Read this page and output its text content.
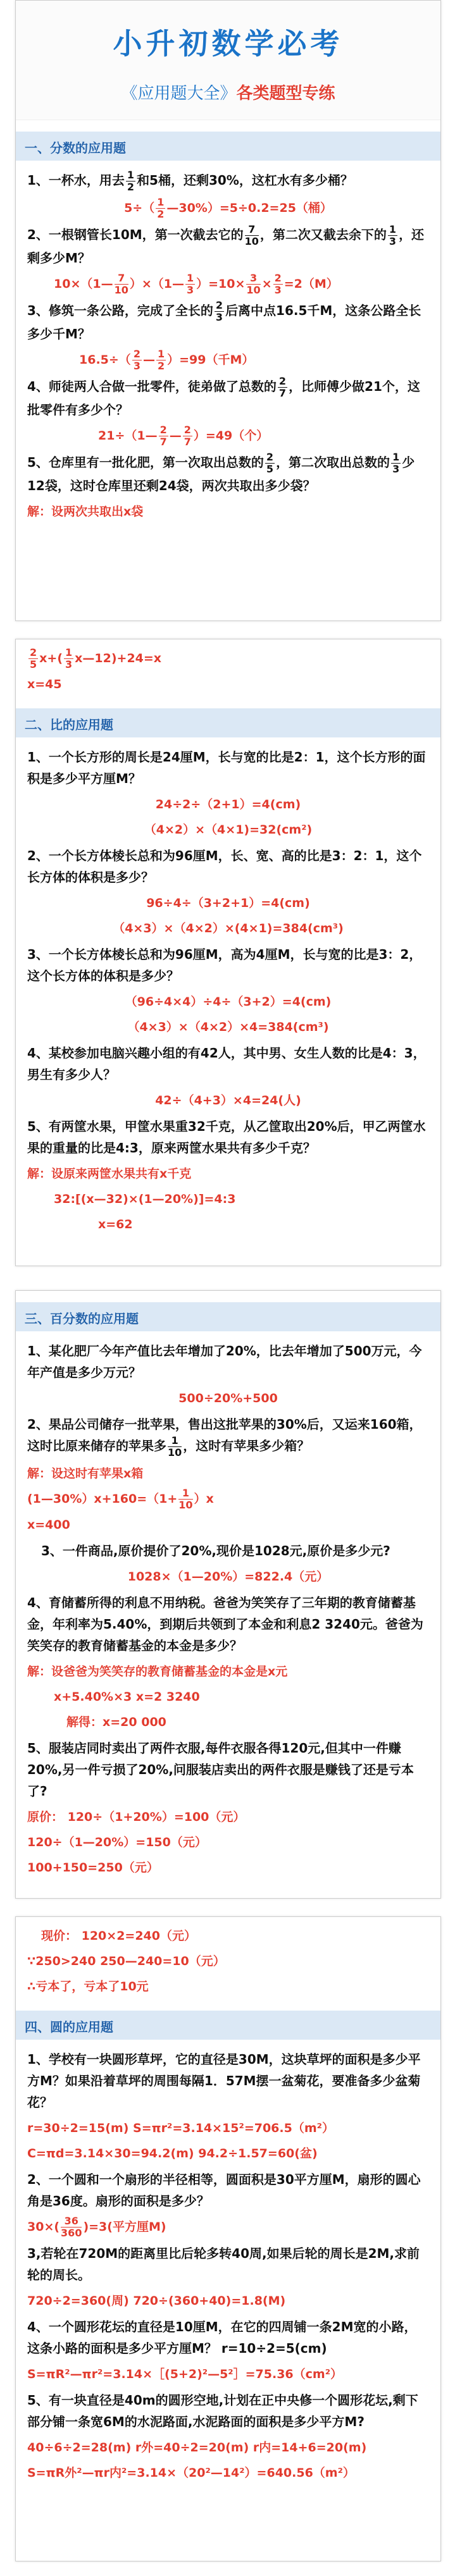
小升初数学必考
《应用题大全》各类题型专练
一、分数的应用题
1、一杯水，用去 $\frac{1}{2}$ 和5桶，还剩30%，这杠水有多少桶？
$5\div( \frac{1}{2}$ —30%）=5÷0.2=25（桶）
2、一根钢管长10M，第一次截去它的 $\frac{7}{10}$ ，第二次又截去余下的 $\frac{1}{3}$ ，还剩多少M？
10×（1— $\frac{7}{10}$ ）×（1— $\frac{1}{3} )=10\times \frac{3}{10} \times \frac{2}{3} =2(M)$
3、修筑一条公路，完成了全长的 $\frac{2}{3}$ 后离中点16.5千M，这条公路全长多少千M？
$16.5\div( \frac{2}{3}$ — $\frac{1}{2} )=99$（千M）
4、师徒两人合做一批零件，徒弟做了总数的 $\frac{2}{7}$ ，比师傅少做21个，这批零件有多少个？
21÷（1— $\frac{2}{7}$ — $\frac{2}{7} )=49$（个）
5、仓库里有一批化肥，第一次取出总数的 $\frac{2}{5}$ ，第二次取出总数的 $\frac{1}{3}$ 少12袋，这时仓库里还剩24袋，两次共取出多少袋？
解：设两次共取出x袋
$\frac{2}{5} x+( \frac{1}{3}$ x—12)+24=x
x=45
二、比的应用题
1、一个长方形的周长是24厘M，长与宽的比是2：1，这个长方形的面积是多少平方厘M？
24÷2÷（2+1）=4(cm)
（4×2）×（4×1)=32(cm²)
2、一个长方体棱长总和为96厘M，长、宽、高的比是3：2：1，这个长方体的体积是多少？
96÷4÷（3+2+1）=4(cm)
（4×3）×（4×2）×(4×1)=384(cm³)
3、一个长方体棱长总和为96厘M，高为4厘M，长与宽的比是3：2，这个长方体的体积是多少？
（96÷4×4）÷4÷（3+2）=4(cm)
（4×3）×（4×2）×4=384(cm³)
4、某校参加电脑兴趣小组的有42人，其中男、女生人数的比是4：3，男生有多少人？
42÷（4+3）×4=24(人)
5、有两筐水果，甲筐水果重32千克，从乙筐取出20%后，甲乙两筐水果的重量的比是4:3，原来两筐水果共有多少千克？
解：设原来两筐水果共有x千克
32:[(x—32)×(1—20%)]=4:3
x=62
三、百分数的应用题
1、某化肥厂今年产值比去年增加了20%，比去年增加了500万元，今年产值是多少万元？
500÷20%+500
2、果品公司储存一批苹果，售出这批苹果的30%后，又运来160箱，这时比原来储存的苹果多 $\frac{1}{10}$ ，这时有苹果多少箱？
解：设这时有苹果x箱
(1—30%）x+160=（1+ $\frac{1}{10} )x$
x=400
3、一件商品,原价提价了20%,现价是1028元,原价是多少元?
1028×（1—20%）=822.4（元）
4、育储蓄所得的利息不用纳税。爸爸为笑笑存了三年期的教育储蓄基金，年利率为5.40%，到期后共领到了本金和利息2 3240元。爸爸为笑笑存的教育储蓄基金的本金是多少？
解：设爸爸为笑笑存的教育储蓄基金的本金是x元
x+5.40%×3 x=2 3240
解得：x=20 000
5、服装店同时卖出了两件衣服,每件衣服各得120元,但其中一件赚20%,另一件亏损了20%,问服装店卖出的两件衣服是赚钱了还是亏本了?
原价： 120÷（1+20%）=100（元）
120÷（1—20%）=150（元）
100+150=250（元）
现价： 120×2=240（元）
∵250>240 250—240=10（元）
∴亏本了，亏本了10元
四、圆的应用题
1、学校有一块圆形草坪，它的直径是30M，这块草坪的面积是多少平方M？如果沿着草坪的周围每隔1．57M摆一盆菊花，要准备多少盆菊花？
r=30÷2=15(m) S=πr²=3.14×15²=706.5（m²）
C=πd=3.14×30=94.2(m) 94.2÷1.57=60(盆)
2、一个圆和一个扇形的半径相等，圆面积是30平方厘M，扇形的圆心角是36度。扇形的面积是多少？
$30\times( \frac{36}{360} )=3$(平方厘M)
3,若轮在720M的距离里比后轮多转40周,如果后轮的周长是2M,求前轮的周长。
720÷2=360(周) 720÷(360+40)=1.8(M)
4、一个圆形花坛的直径是10厘M，在它的四周铺一条2M宽的小路，这条小路的面积是多少平方厘M？ r=10÷2=5(cm)
S=πR²—πr²=3.14×［(5+2)²—5²］=75.36（cm²）
5、有一块直径是40m的圆形空地,计划在正中央修一个圆形花坛,剩下部分铺一条宽6M的水泥路面,水泥路面的面积是多少平方M?
40÷6÷2=28(m) r外=40÷2=20(m) r内=14+6=20(m)
S=πR外²—πr内²=3.14×（20²—14²）=640.56（m²）
